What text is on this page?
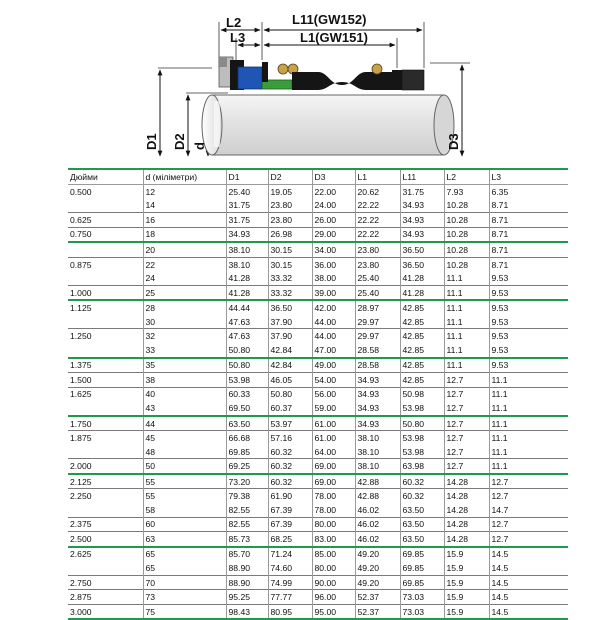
L2
L3
L11(GW152)
L1(GW151)
D1 D2 d	D3
Дюйми	d (міліметри)	D1	D2	D3	L1	L11	L2	L3
0.500	12	25.40	19.05	22.00	20.62	31.75	7.93	6.35
	14	31.75	23.80	24.00	22.22	34.93	10.28	8.71
0.625	16	31.75	23.80	26.00	22.22	34.93	10.28	8.71
0.750	18	34.93	26.98	29.00	22.22	34.93	10.28	8.71
	20	38.10	30.15	34.00	23.80	36.50	10.28	8.71
0.875	22	38.10	30.15	36.00	23.80	36.50	10.28	8.71
	24	41.28	33.32	38.00	25.40	41.28	11.1	9.53
1.000	25	41.28	33.32	39.00	25.40	41.28	11.1	9.53
1.125	28	44.44	36.50	42.00	28.97	42.85	11.1	9.53
	30	47.63	37.90	44.00	29.97	42.85	11.1	9.53
1.250	32	47.63	37.90	44.00	29.97	42.85	11.1	9.53
	33	50.80	42.84	47.00	28.58	42.85	11.1	9.53
1.375	35	50.80	42.84	49.00	28.58	42.85	11.1	9.53
1.500	38	53.98	46.05	54.00	34.93	42.85	12.7	11.1
1.625	40	60.33	50.80	56.00	34.93	50.98	12.7	11.1
	43	69.50	60.37	59.00	34.93	53.98	12.7	11.1
1.750	44	63.50	53.97	61.00	34.93	50.80	12.7	11.1
1.875	45	66.68	57.16	61.00	38.10	53.98	12.7	11.1
	48	69.85	60.32	64.00	38.10	53.98	12.7	11.1
2.000	50	69.25	60.32	69.00	38.10	63.98	12.7	11.1
2.125	55	73.20	60.32	69.00	42.88	60.32	14.28	12.7
2.250	55	79.38	61.90	78.00	42.88	60.32	14.28	12.7
	58	82.55	67.39	78.00	46.02	63.50	14.28	14.7
2.375	60	82.55	67.39	80.00	46.02	63.50	14.28	12.7
2.500	63	85.73	68.25	83.00	46.02	63.50	14.28	12.7
2.625	65	85.70	71.24	85.00	49.20	69.85	15.9	14.5
	65	88.90	74.60	80.00	49.20	69.85	15.9	14.5
2.750	70	88.90	74.99	90.00	49.20	69.85	15.9	14.5
2.875	73	95.25	77.77	96.00	52.37	73.03	15.9	14.5
3.000	75	98.43	80.95	95.00	52.37	73.03	15.9	14.5
